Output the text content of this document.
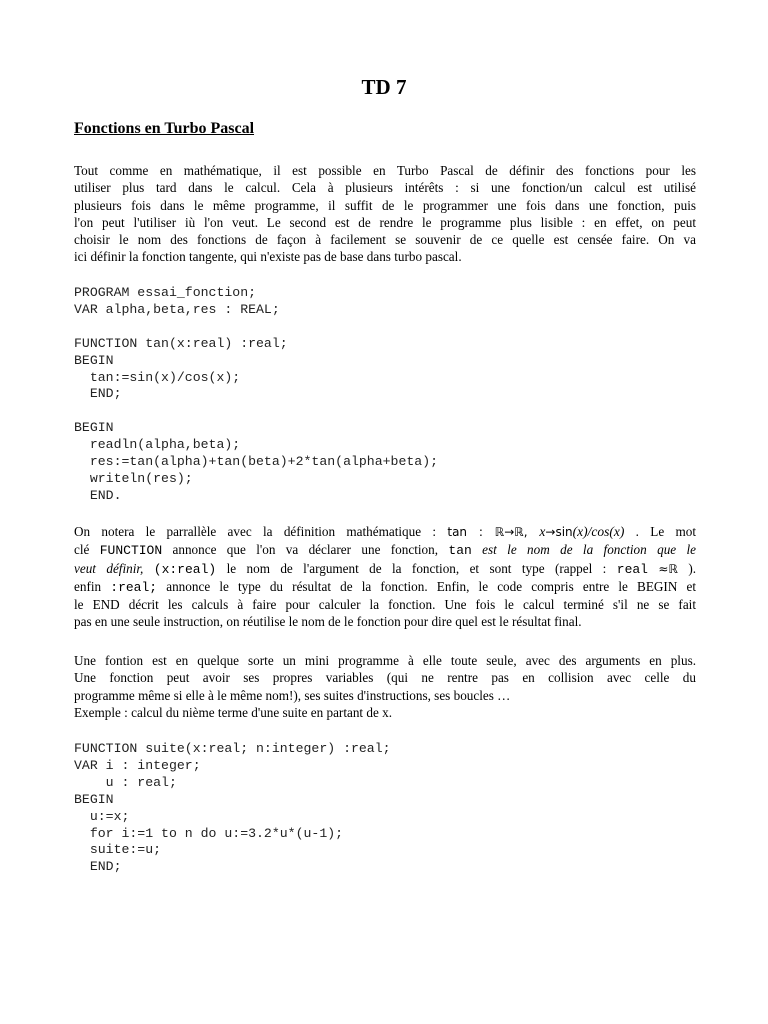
TD 7
Fonctions en Turbo Pascal
Tout comme en mathématique, il est possible en Turbo Pascal de définir des fonctions pour les
utiliser plus tard dans le calcul. Cela à plusieurs intérêts : si une fonction/un calcul est utilisé
plusieurs fois dans le même programme, il suffit de le programmer une fois dans une fonction, puis
l'on peut l'utiliser iù l'on veut. Le second est de rendre le programme plus lisible : en effet, on peut
choisir le nom des fonctions de façon à facilement se souvenir de ce quelle est censée faire. On va
ici définir la fonction tangente, qui n'existe pas de base dans turbo pascal.
PROGRAM essai_fonction;
VAR alpha,beta,res : REAL;

FUNCTION tan(x:real) :real;
BEGIN
tan:=sin(x)/cos(x);
END;

BEGIN
readln(alpha,beta);
res:=tan(alpha)+tan(beta)+2*tan(alpha+beta);
writeln(res);
END.
On notera le parrallèle avec la définition mathématique : tan : ℝ→ℝ, x→sin(x)/cos(x) . Le mot
clé FUNCTION annonce que l'on va déclarer une fonction, tan est le nom de la fonction que le
veut définir, (x:real) le nom de l'argument de la fonction, et sont type (rappel : real ≈ℝ ).
enfin :real; annonce le type du résultat de la fonction. Enfin, le code compris entre le BEGIN et
le END décrit les calculs à faire pour calculer la fonction. Une fois le calcul terminé s'il ne se fait
pas en une seule instruction, on réutilise le nom de le fonction pour dire quel est le résultat final.
Une fontion est en quelque sorte un mini programme à elle toute seule, avec des arguments en plus.
Une fonction peut avoir ses propres variables (qui ne rentre pas en collision avec celle du
programme même si elle à le même nom!), ses suites d'instructions, ses boucles …
Exemple : calcul du nième terme d'une suite en partant de x.
FUNCTION suite(x:real; n:integer) :real;
VAR i : integer;
u : real;
BEGIN
u:=x;
for i:=1 to n do u:=3.2*u*(u-1);
suite:=u;
END;
